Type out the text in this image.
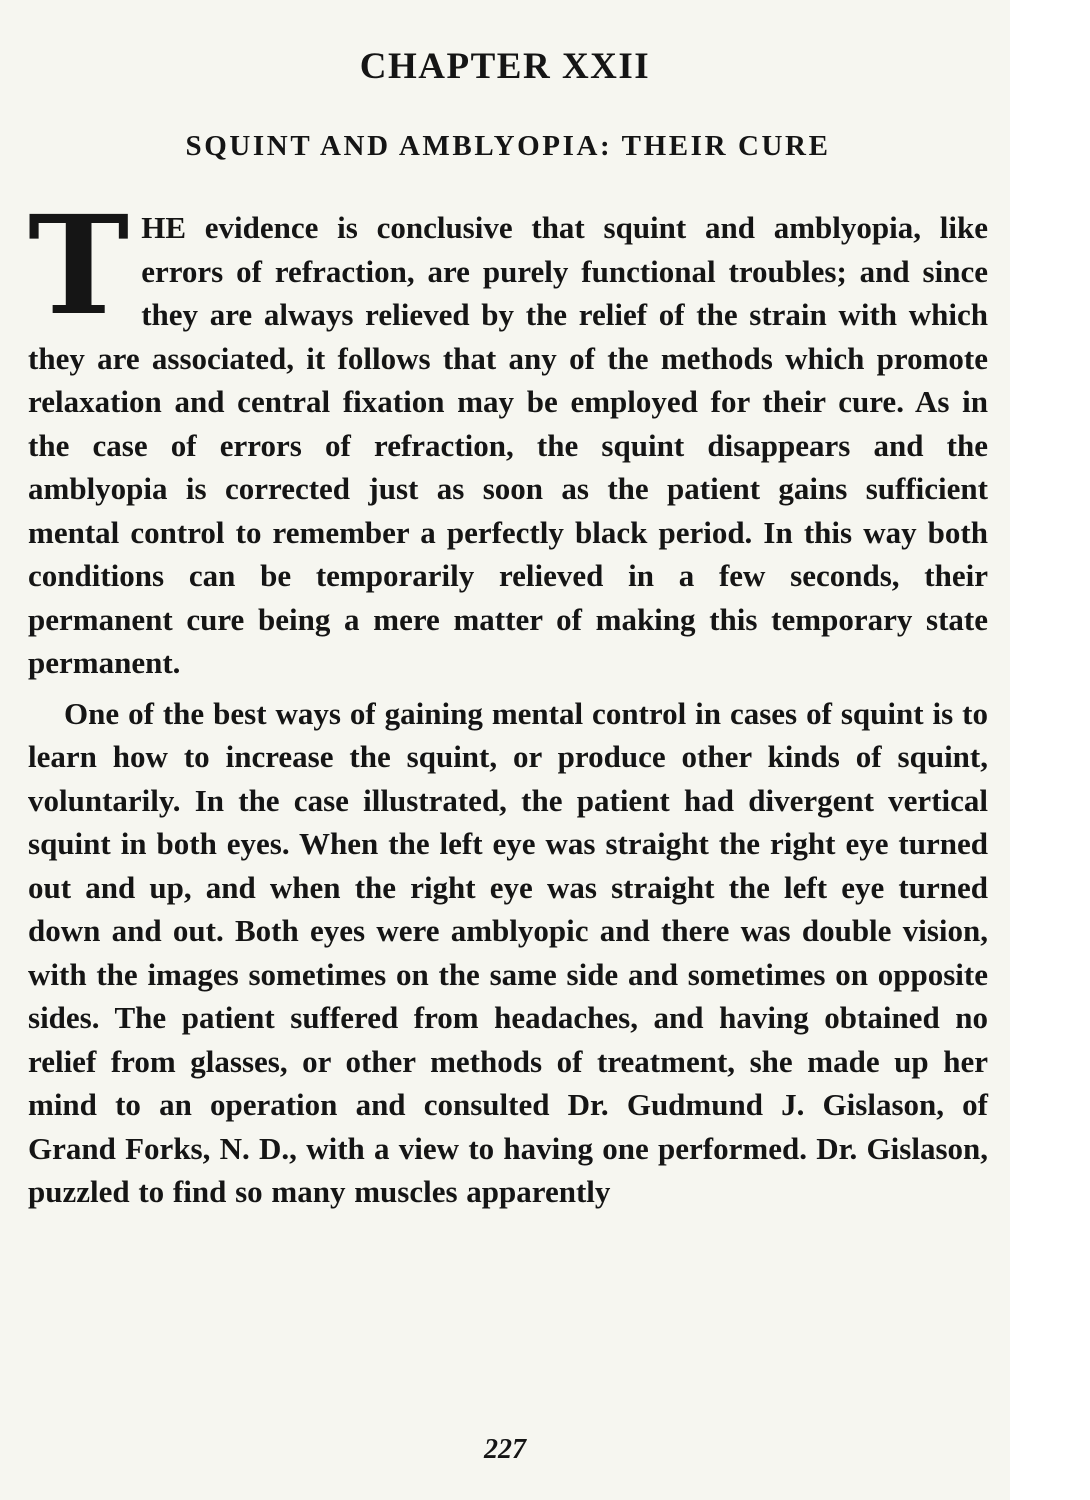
CHAPTER XXII
SQUINT AND AMBLYOPIA: THEIR CURE

THE evidence is conclusive that squint and amblyopia, like errors of refraction, are purely functional troubles; and since they are always relieved by the relief of the strain with which they are associated, it follows that any of the methods which promote relaxation and central fixation may be employed for their cure. As in the case of errors of refraction, the squint disappears and the amblyopia is corrected just as soon as the patient gains sufficient mental control to remember a perfectly black period. In this way both conditions can be temporarily relieved in a few seconds, their permanent cure being a mere matter of making this temporary state permanent.

One of the best ways of gaining mental control in cases of squint is to learn how to increase the squint, or produce other kinds of squint, voluntarily. In the case illustrated, the patient had divergent vertical squint in both eyes. When the left eye was straight the right eye turned out and up, and when the right eye was straight the left eye turned down and out. Both eyes were amblyopic and there was double vision, with the images sometimes on the same side and sometimes on opposite sides. The patient suffered from headaches, and having obtained no relief from glasses, or other methods of treatment, she made up her mind to an operation and consulted Dr. Gudmund J. Gislason, of Grand Forks, N. D., with a view to having one performed. Dr. Gislason, puzzled to find so many muscles apparently

227
